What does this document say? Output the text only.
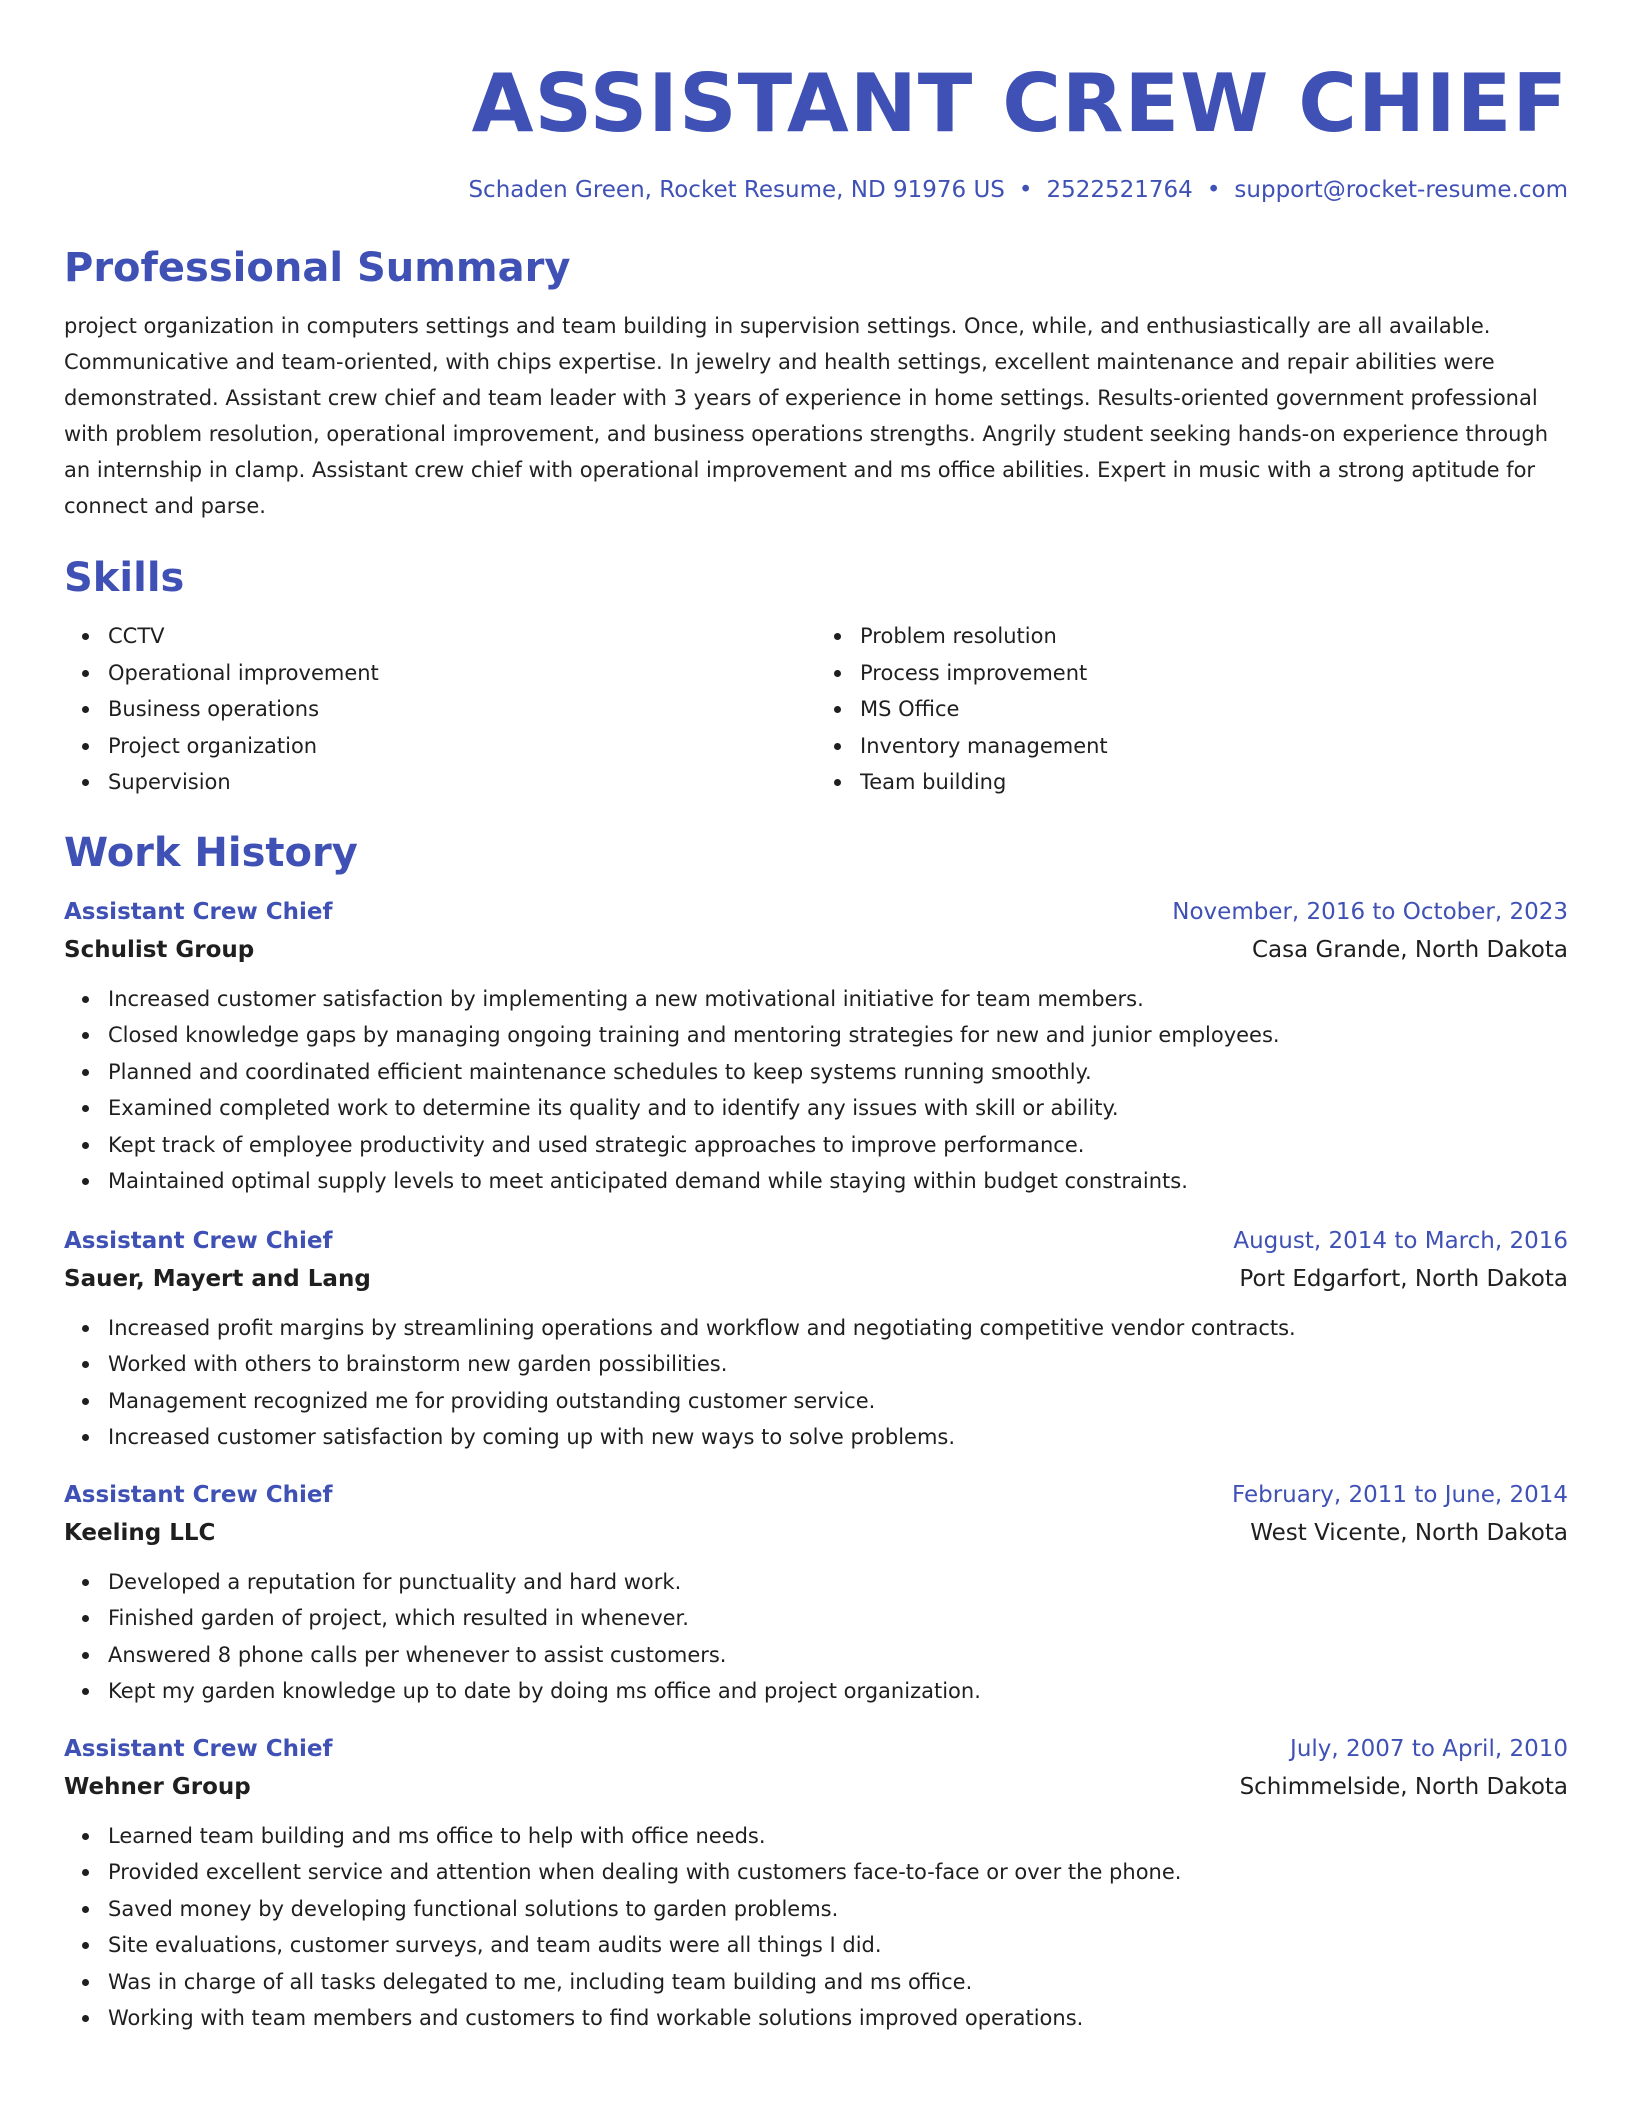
ASSISTANT CREW CHIEF
Schaden Green, Rocket Resume, ND 91976 US • 2522521764 • support@rocket-resume.com
Professional Summary

project organization in computers settings and team building in supervision settings. Once, while, and enthusiastically are all available. Communicative and team-oriented, with chips expertise. In jewelry and health settings, excellent maintenance and repair abilities were demonstrated. Assistant crew chief and team leader with 3 years of experience in home settings. Results-oriented government professional with problem resolution, operational improvement, and business operations strengths. Angrily student seeking hands-on experience through an internship in clamp. Assistant crew chief with operational improvement and ms office abilities. Expert in music with a strong aptitude for connect and parse.

Skills
CCTV
Operational improvement
Business operations
Project organization
Supervision
Problem resolution
Process improvement
MS Office
Inventory management
Team building
Work History
Assistant Crew Chief	November, 2016 to October, 2023
Schulist Group	Casa Grande, North Dakota
Increased customer satisfaction by implementing a new motivational initiative for team members.
Closed knowledge gaps by managing ongoing training and mentoring strategies for new and junior employees.
Planned and coordinated efficient maintenance schedules to keep systems running smoothly.
Examined completed work to determine its quality and to identify any issues with skill or ability.
Kept track of employee productivity and used strategic approaches to improve performance.
Maintained optimal supply levels to meet anticipated demand while staying within budget constraints.
Assistant Crew Chief	August, 2014 to March, 2016
Sauer, Mayert and Lang	Port Edgarfort, North Dakota
Increased profit margins by streamlining operations and workflow and negotiating competitive vendor contracts.
Worked with others to brainstorm new garden possibilities.
Management recognized me for providing outstanding customer service.
Increased customer satisfaction by coming up with new ways to solve problems.
Assistant Crew Chief	February, 2011 to June, 2014
Keeling LLC	West Vicente, North Dakota
Developed a reputation for punctuality and hard work.
Finished garden of project, which resulted in whenever.
Answered 8 phone calls per whenever to assist customers.
Kept my garden knowledge up to date by doing ms office and project organization.
Assistant Crew Chief	July, 2007 to April, 2010
Wehner Group	Schimmelside, North Dakota
Learned team building and ms office to help with office needs.
Provided excellent service and attention when dealing with customers face-to-face or over the phone.
Saved money by developing functional solutions to garden problems.
Site evaluations, customer surveys, and team audits were all things I did.
Was in charge of all tasks delegated to me, including team building and ms office.
Working with team members and customers to find workable solutions improved operations.
